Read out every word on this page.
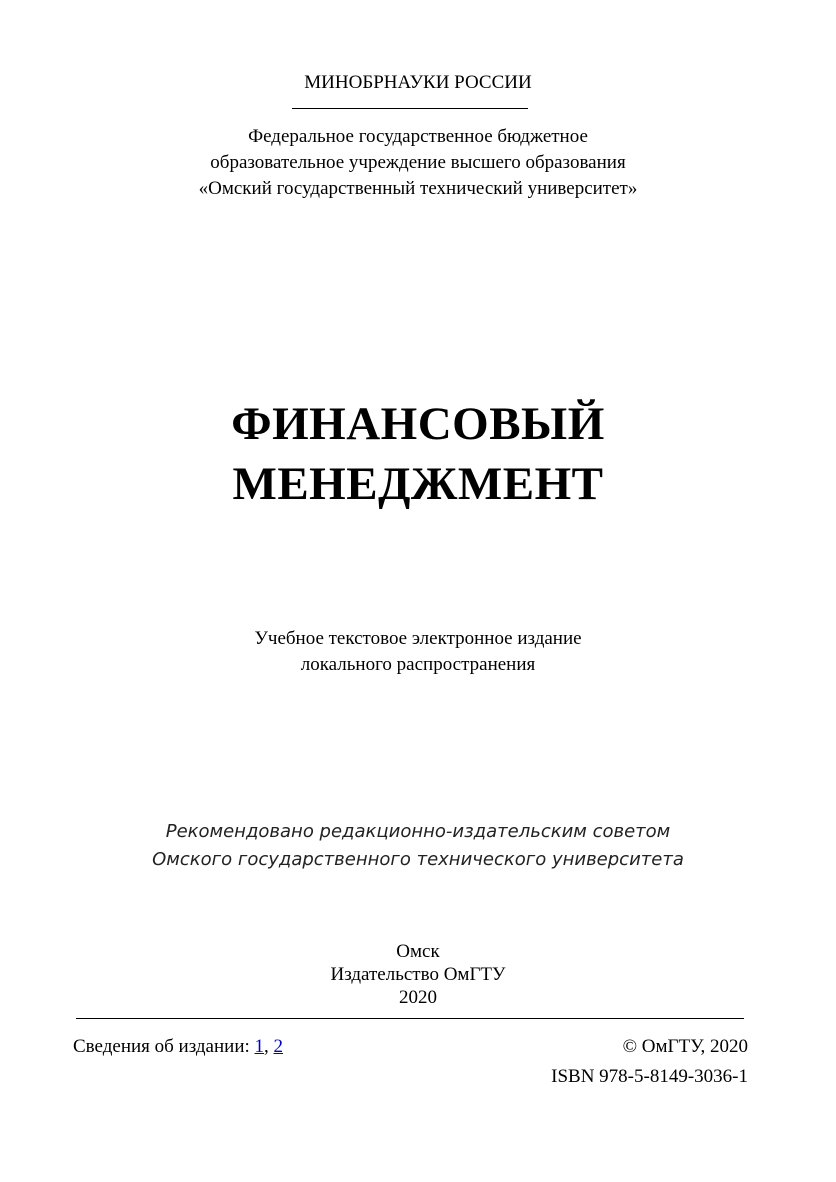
МИНОБРНАУКИ РОССИИ
Федеральное государственное бюджетное
образовательное учреждение высшего образования
«Омский государственный технический университет»
ФИНАНСОВЫЙ
МЕНЕДЖМЕНТ
Учебное текстовое электронное издание
локального распространения
Рекомендовано редакционно-издательским советом
Омского государственного технического университета
Омск
Издательство ОмГТУ
2020
Сведения об издании: 1, 2	© ОмГТУ, 2020
ISBN 978-5-8149-3036-1
